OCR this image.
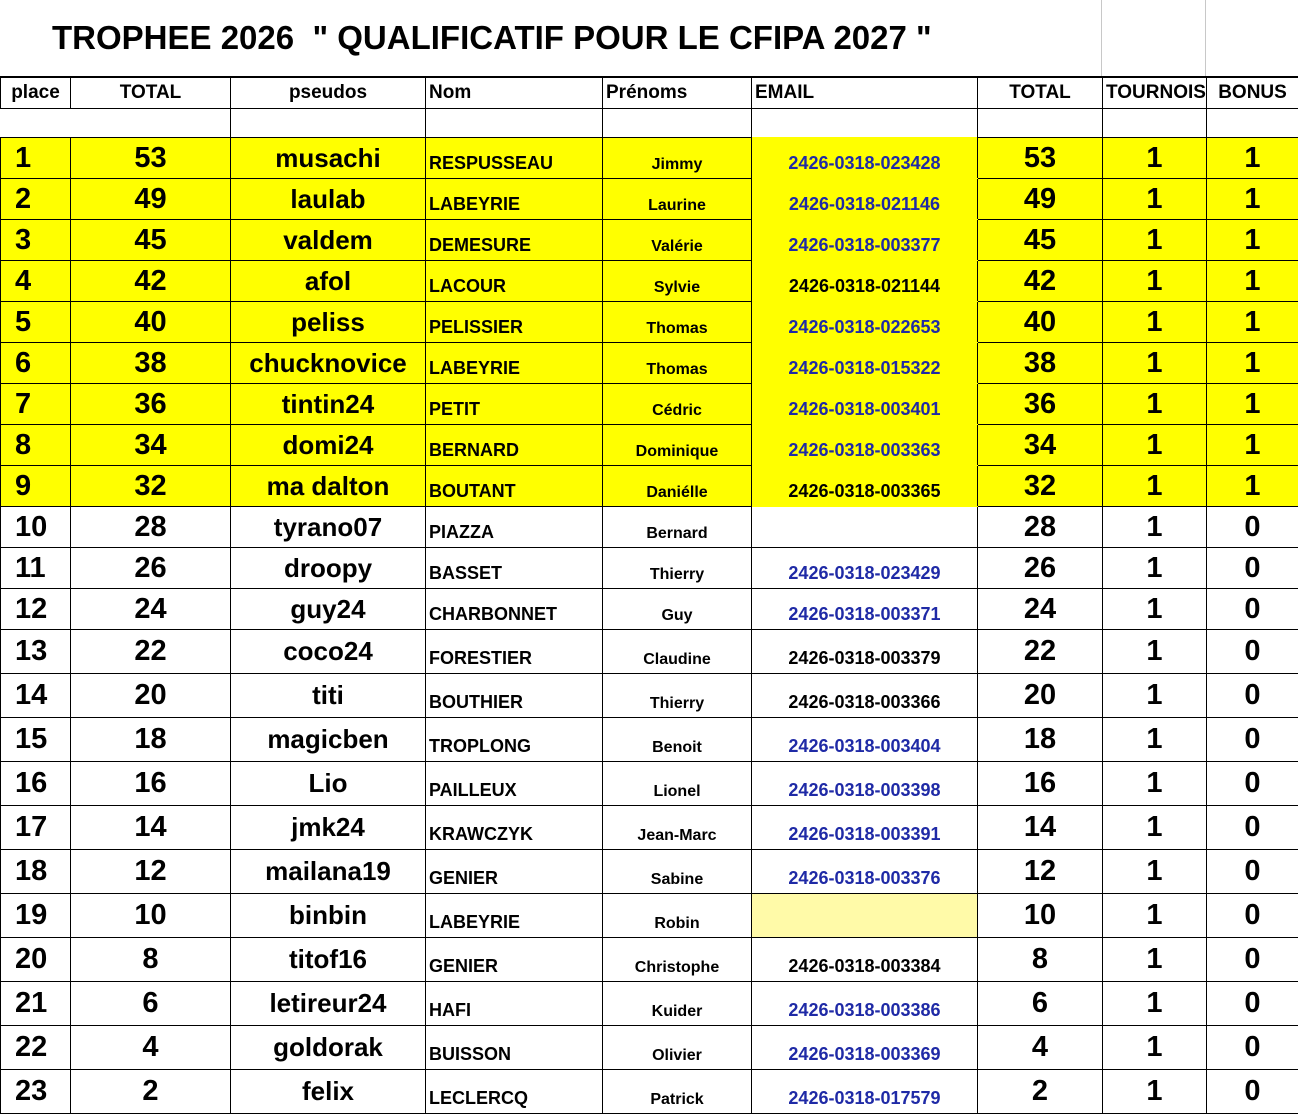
TROPHEE 2026  " QUALIFICATIF POUR LE CFIPA 2027 "
place	TOTAL	pseudos	Nom	Prénoms	EMAIL	TOTAL	TOURNOIS	BONUS

1	53	musachi	RESPUSSEAU	Jimmy	2426-0318-023428	53	1	1
2	49	laulab	LABEYRIE	Laurine	2426-0318-021146	49	1	1
3	45	valdem	DEMESURE	Valérie	2426-0318-003377	45	1	1
4	42	afol	LACOUR	Sylvie	2426-0318-021144	42	1	1
5	40	peliss	PELISSIER	Thomas	2426-0318-022653	40	1	1
6	38	chucknovice	LABEYRIE	Thomas	2426-0318-015322	38	1	1
7	36	tintin24	PETIT	Cédric	2426-0318-003401	36	1	1
8	34	domi24	BERNARD	Dominique	2426-0318-003363	34	1	1
9	32	ma dalton	BOUTANT	Daniélle	2426-0318-003365	32	1	1
10	28	tyrano07	PIAZZA	Bernard		28	1	0
11	26	droopy	BASSET	Thierry	2426-0318-023429	26	1	0
12	24	guy24	CHARBONNET	Guy	2426-0318-003371	24	1	0
13	22	coco24	FORESTIER	Claudine	2426-0318-003379	22	1	0
14	20	titi	BOUTHIER	Thierry	2426-0318-003366	20	1	0
15	18	magicben	TROPLONG	Benoit	2426-0318-003404	18	1	0
16	16	Lio	PAILLEUX	Lionel	2426-0318-003398	16	1	0
17	14	jmk24	KRAWCZYK	Jean-Marc	2426-0318-003391	14	1	0
18	12	mailana19	GENIER	Sabine	2426-0318-003376	12	1	0
19	10	binbin	LABEYRIE	Robin		10	1	0
20	8	titof16	GENIER	Christophe	2426-0318-003384	8	1	0
21	6	letireur24	HAFI	Kuider	2426-0318-003386	6	1	0
22	4	goldorak	BUISSON	Olivier	2426-0318-003369	4	1	0
23	2	felix	LECLERCQ	Patrick	2426-0318-017579	2	1	0
